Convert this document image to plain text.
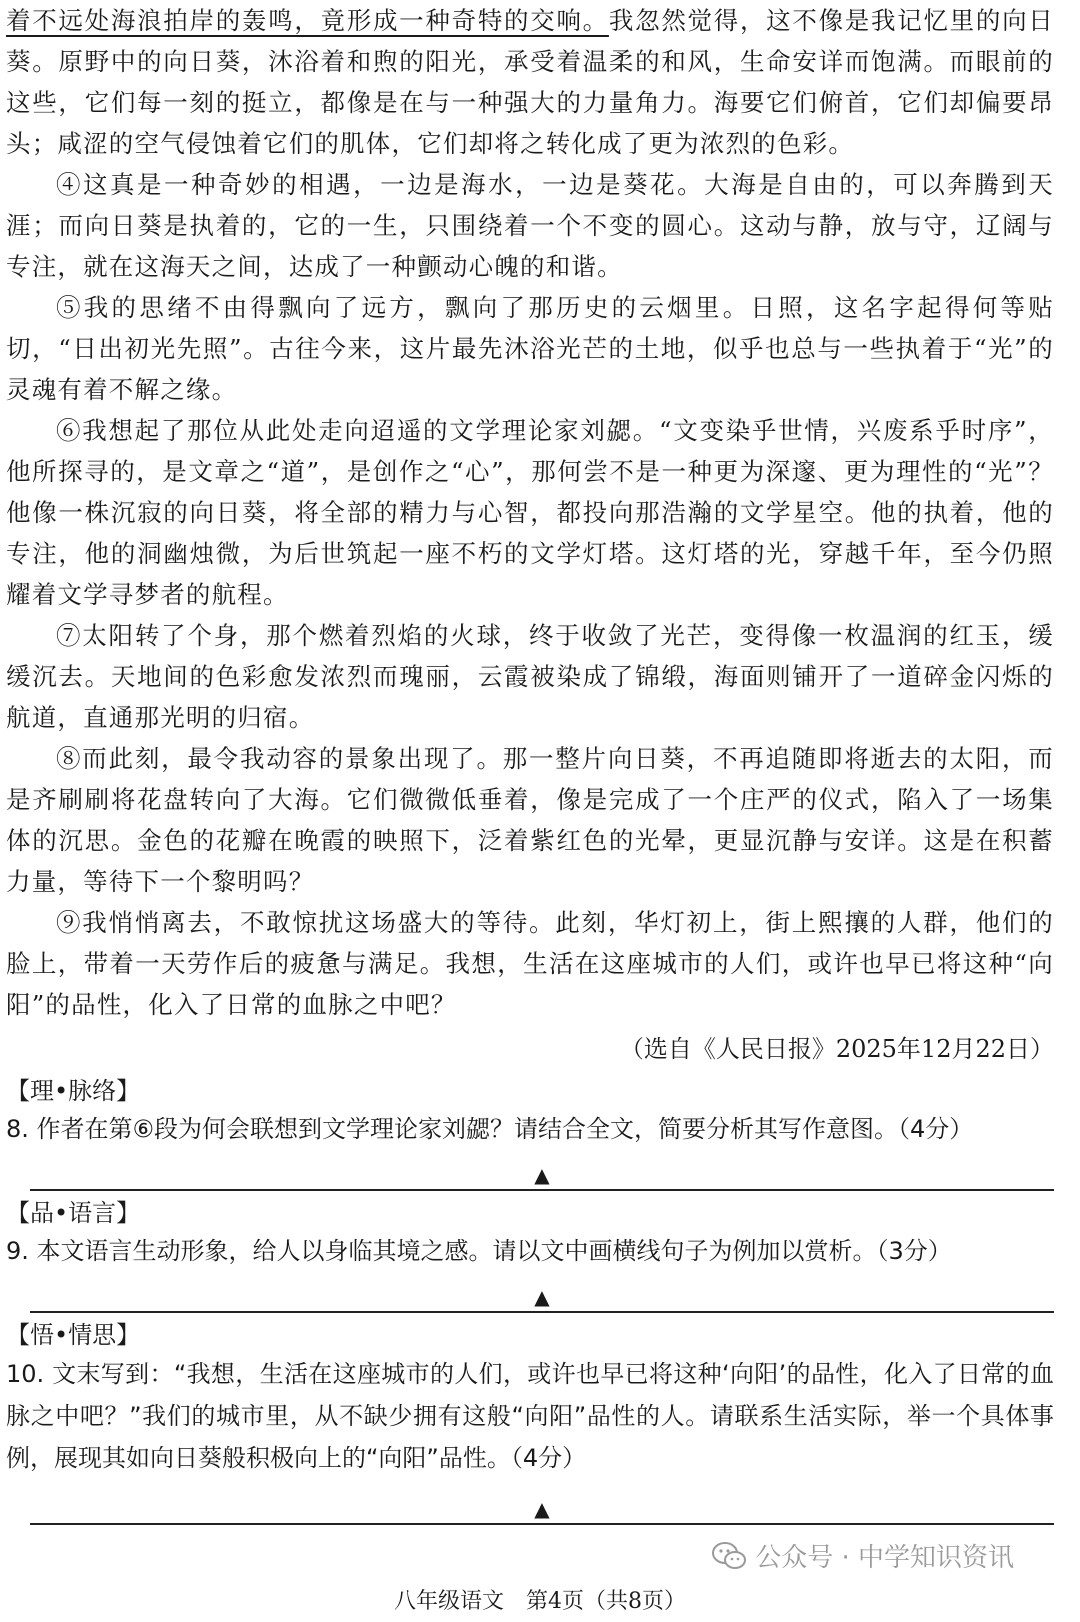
着不远处海浪拍岸的轰鸣，竟形成一种奇特的交响。我忽然觉得，这不像是我记忆里的向日葵。原野中的向日葵，沐浴着和煦的阳光，承受着温柔的和风，生命安详而饱满。而眼前的这些，它们每一刻的挺立，都像是在与一种强大的力量角力。海要它们俯首，它们却偏要昂头；咸涩的空气侵蚀着它们的肌体，它们却将之转化成了更为浓烈的色彩。

④这真是一种奇妙的相遇，一边是海水，一边是葵花。大海是自由的，可以奔腾到天涯；而向日葵是执着的，它的一生，只围绕着一个不变的圆心。这动与静，放与守，辽阔与专注，就在这海天之间，达成了一种颤动心魄的和谐。

⑤我的思绪不由得飘向了远方，飘向了那历史的云烟里。日照，这名字起得何等贴切，“日出初光先照”。古往今来，这片最先沐浴光芒的土地，似乎也总与一些执着于“光”的灵魂有着不解之缘。

⑥我想起了那位从此处走向迢遥的文学理论家刘勰。“文变染乎世情，兴废系乎时序”，他所探寻的，是文章之“道”，是创作之“心”，那何尝不是一种更为深邃、更为理性的“光”？他像一株沉寂的向日葵，将全部的精力与心智，都投向那浩瀚的文学星空。他的执着，他的专注，他的洞幽烛微，为后世筑起一座不朽的文学灯塔。这灯塔的光，穿越千年，至今仍照耀着文学寻梦者的航程。

⑦太阳转了个身，那个燃着烈焰的火球，终于收敛了光芒，变得像一枚温润的红玉，缓缓沉去。天地间的色彩愈发浓烈而瑰丽，云霞被染成了锦缎，海面则铺开了一道碎金闪烁的航道，直通那光明的归宿。

⑧而此刻，最令我动容的景象出现了。那一整片向日葵，不再追随即将逝去的太阳，而是齐刷刷将花盘转向了大海。它们微微低垂着，像是完成了一个庄严的仪式，陷入了一场集体的沉思。金色的花瓣在晚霞的映照下，泛着紫红色的光晕，更显沉静与安详。这是在积蓄力量，等待下一个黎明吗？

⑨我悄悄离去，不敢惊扰这场盛大的等待。此刻，华灯初上，街上熙攘的人群，他们的脸上，带着一天劳作后的疲惫与满足。我想，生活在这座城市的人们，或许也早已将这种“向阳”的品性，化入了日常的血脉之中吧？

（选自《人民日报》2025年12月22日）

【理•脉络】

8. 作者在第⑥段为何会联想到文学理论家刘勰？请结合全文，简要分析其写作意图。（4分）

▲

【品•语言】

9. 本文语言生动形象，给人以身临其境之感。请以文中画横线句子为例加以赏析。（3分）

▲

【悟•情思】

10. 文末写到：“我想，生活在这座城市的人们，或许也早已将这种‘向阳’的品性，化入了日常的血脉之中吧？”我们的城市里，从不缺少拥有这般“向阳”品性的人。请联系生活实际，举一个具体事例，展现其如向日葵般积极向上的“向阳”品性。（4分）

▲
公众号 · 中学知识资讯
八年级语文　第4页（共8页）
